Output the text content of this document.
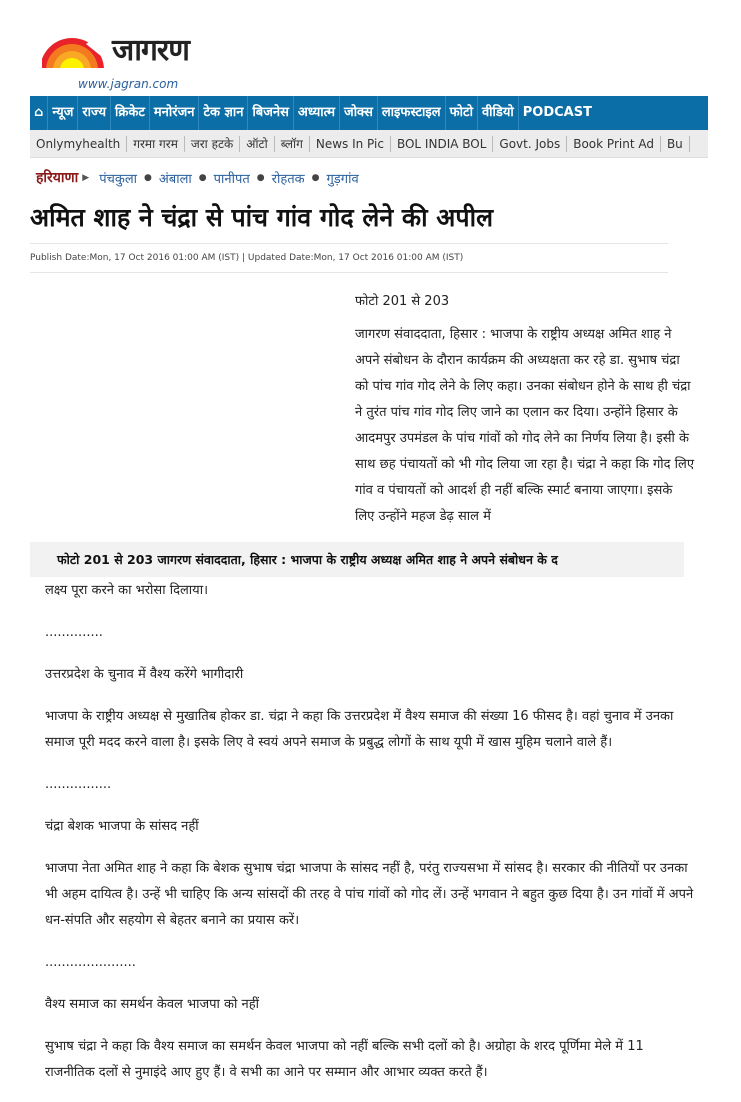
जागरण
www.jagran.com
⌂ न्यूज राज्य क्रिकेट मनोरंजन टेक ज्ञान बिजनेस अध्यात्म जोक्स लाइफस्टाइल फोटो वीडियो PODCAST
Onlymyhealth	गरमा गरम	जरा हटके	ऑटो	ब्लॉग	News In Pic	BOL INDIA BOL	Govt. Jobs	Book Print Ad	Bu
हरियाणा ▶ पंचकुला ● अंबाला ● पानीपत ● रोहतक ● गुड़गांव
अमित शाह ने चंद्रा से पांच गांव गोद लेने की अपील
Publish Date:Mon, 17 Oct 2016 01:00 AM (IST) | Updated Date:Mon, 17 Oct 2016 01:00 AM (IST)
फोटो 201 से 203
जागरण संवाददाता, हिसार : भाजपा के राष्ट्रीय अध्यक्ष अमित शाह ने अपने संबोधन के दौरान कार्यक्रम की अध्यक्षता कर रहे डा. सुभाष चंद्रा को पांच गांव गोद लेने के लिए कहा। उनका संबोधन होने के साथ ही चंद्रा ने तुरंत पांच गांव गोद लिए जाने का एलान कर दिया। उन्होंने हिसार के आदमपुर उपमंडल के पांच गांवों को गोद लेने का निर्णय लिया है। इसी के साथ छह पंचायतों को भी गोद लिया जा रहा है। चंद्रा ने कहा कि गोद लिए गांव व पंचायतों को आदर्श ही नहीं बल्कि स्मार्ट बनाया जाएगा। इसके लिए उन्होंने महज डेढ़ साल में
फोटो 201 से 203 जागरण संवाददाता, हिसार : भाजपा के राष्ट्रीय अध्यक्ष अमित शाह ने अपने संबोधन के द

लक्ष्य पूरा करने का भरोसा दिलाया।

..............

उत्तरप्रदेश के चुनाव में वैश्य करेंगे भागीदारी

भाजपा के राष्ट्रीय अध्यक्ष से मुखातिब होकर डा. चंद्रा ने कहा कि उत्तरप्रदेश में वैश्य समाज की संख्या 16 फीसद है। वहां चुनाव में उनका समाज पूरी मदद करने वाला है। इसके लिए वे स्वयं अपने समाज के प्रबुद्ध लोगों के साथ यूपी में खास मुहिम चलाने वाले हैं।

................

चंद्रा बेशक भाजपा के सांसद नहीं

भाजपा नेता अमित शाह ने कहा कि बेशक सुभाष चंद्रा भाजपा के सांसद नहीं है, परंतु राज्यसभा में सांसद है। सरकार की नीतियों पर उनका भी अहम दायित्व है। उन्हें भी चाहिए कि अन्य सांसदों की तरह वे पांच गांवों को गोद लें। उन्हें भगवान ने बहुत कुछ दिया है। उन गांवों में अपने धन-संपति और सहयोग से बेहतर बनाने का प्रयास करें।

......................

वैश्य समाज का समर्थन केवल भाजपा को नहीं

सुभाष चंद्रा ने कहा कि वैश्य समाज का समर्थन केवल भाजपा को नहीं बल्कि सभी दलों को है। अग्रोहा के शरद पूर्णिमा मेले में 11 राजनीतिक दलों से नुमाइंदे आए हुए हैं। वे सभी का आने पर सम्मान और आभार व्यक्त करते हैं।
